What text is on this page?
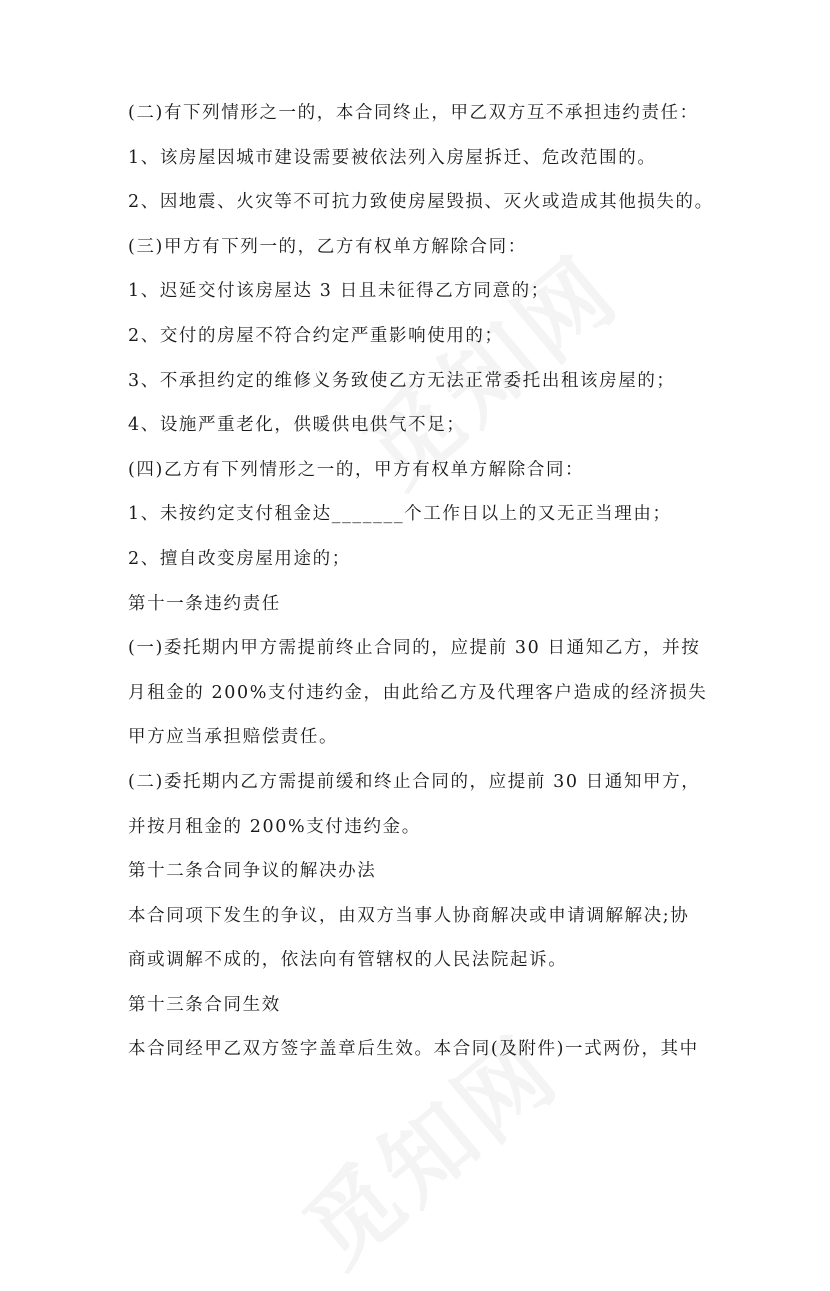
(二)有下列情形之一的，本合同终止，甲乙双方互不承担违约责任：
1、该房屋因城市建设需要被依法列入房屋拆迁、危改范围的。
2、因地震、火灾等不可抗力致使房屋毁损、灭火或造成其他损失的。
(三)甲方有下列一的，乙方有权单方解除合同：
1、迟延交付该房屋达 3 日且未征得乙方同意的；
2、交付的房屋不符合约定严重影响使用的；
3、不承担约定的维修义务致使乙方无法正常委托出租该房屋的；
4、设施严重老化，供暖供电供气不足；
(四)乙方有下列情形之一的，甲方有权单方解除合同：
1、未按约定支付租金达_______个工作日以上的又无正当理由；
2、擅自改变房屋用途的；
第十一条违约责任
(一)委托期内甲方需提前终止合同的，应提前 30 日通知乙方，并按
月租金的 200%支付违约金，由此给乙方及代理客户造成的经济损失
甲方应当承担赔偿责任。
(二)委托期内乙方需提前缓和终止合同的，应提前 30 日通知甲方，
并按月租金的 200%支付违约金。
第十二条合同争议的解决办法
本合同项下发生的争议，由双方当事人协商解决或申请调解解决;协
商或调解不成的，依法向有管辖权的人民法院起诉。
第十三条合同生效
本合同经甲乙双方签字盖章后生效。本合同(及附件)一式两份，其中
